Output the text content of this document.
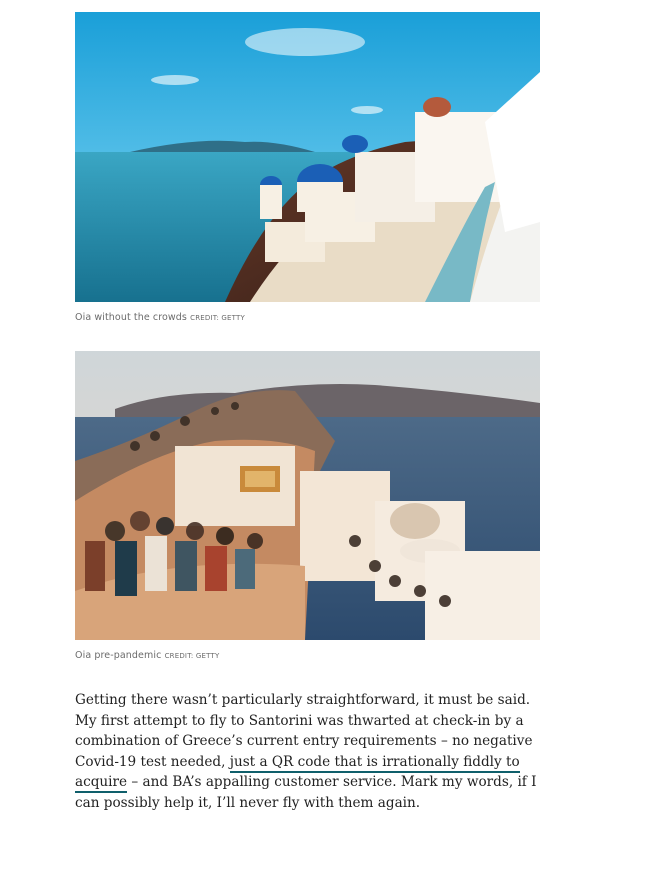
Oia without the crowds CREDIT: GETTY
Oia pre-pandemic CREDIT: GETTY

Getting there wasn’t particularly straightforward, it must be said. My first attempt to fly to Santorini was thwarted at check-in by a combination of Greece’s current entry requirements – no negative Covid-19 test needed, just a QR code that is irrationally fiddly to acquire – and BA’s appalling customer service. Mark my words, if I can possibly help it, I’ll never fly with them again.
